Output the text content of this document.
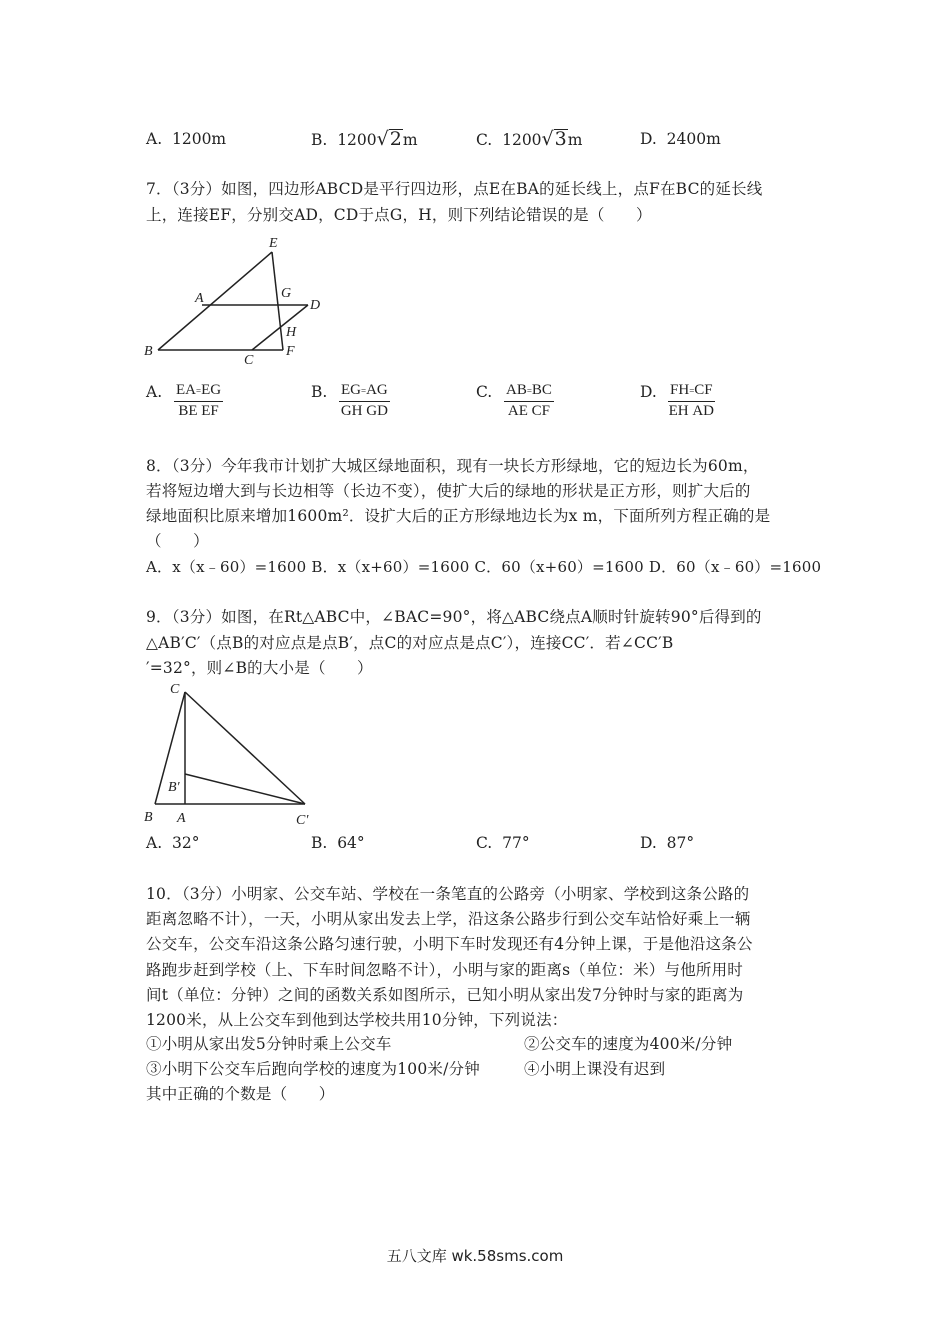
A. 1200m	B. 1200√2m	C. 1200√3m	D. 2400m
7．（3分）如图，四边形ABCD是平行四边形，点E在BA的延长线上，点F在BC的延长线
上，连接EF，分别交AD，CD于点G，H，则下列结论错误的是（　　）
E
A	G
D
H
B
C
F
A. $\frac{EA=EG}{\text{BE EF}}$	B. $\frac{EG=AG}{\text{GH GD}}$	C. $\frac{AB=BC}{\text{AE CF}}$	D. $\frac{FH=CF}{\text{EH AD}}$
8．（3分）今年我市计划扩大城区绿地面积，现有一块长方形绿地，它的短边长为60m，
若将短边增大到与长边相等（长边不变），使扩大后的绿地的形状是正方形，则扩大后的
绿地面积比原来增加1600m²．设扩大后的正方形绿地边长为x m，下面所列方程正确的是
（　　）
A．x（x﹣60）=1600 B．x（x+60）=1600 C．60（x+60）=1600 D．60（x﹣60）=1600
9．（3分）如图，在Rt△ABC中，∠BAC=90°，将△ABC绕点A顺时针旋转90°后得到的
△AB′C′（点B的对应点是点B′，点C的对应点是点C′），连接CC′．若∠CC′B
′=32°，则∠B的大小是（　　）
C
B′
B A	C′
A. 32°	B. 64°	C. 77°	D. 87°
10．（3分）小明家、公交车站、学校在一条笔直的公路旁（小明家、学校到这条公路的
距离忽略不计），一天，小明从家出发去上学，沿这条公路步行到公交车站恰好乘上一辆
公交车，公交车沿这条公路匀速行驶，小明下车时发现还有4分钟上课，于是他沿这条公
路跑步赶到学校（上、下车时间忽略不计），小明与家的距离s（单位：米）与他所用时
间t（单位：分钟）之间的函数关系如图所示，已知小明从家出发7分钟时与家的距离为
1200米，从上公交车到他到达学校共用10分钟，下列说法：
①小明从家出发5分钟时乘上公交车	②公交车的速度为400米/分钟
③小明下公交车后跑向学校的速度为100米/分钟	④小明上课没有迟到
其中正确的个数是（　　）
五八文库 wk.58sms.com
